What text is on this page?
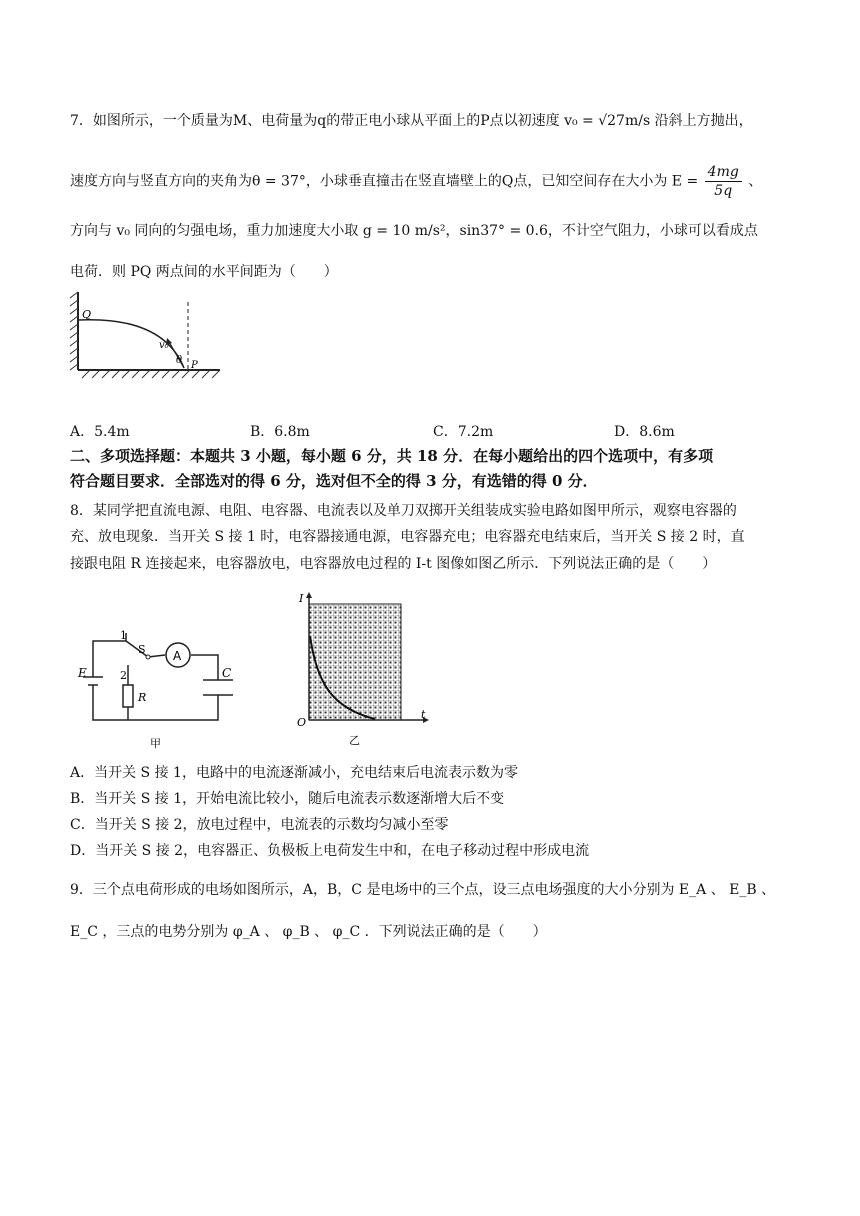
7．如图所示，一个质量为M、电荷量为q的带正电小球从平面上的P点以初速度 v₀ = √27m/s 沿斜上方抛出，
速度方向与竖直方向的夹角为θ = 37°，小球垂直撞击在竖直墙壁上的Q点，已知空间存在大小为 $E = \frac{4mg}{5q}$ 、
方向与 v₀ 同向的匀强电场，重力加速度大小取 g = 10 m/s²，sin37° = 0.6，不计空气阻力，小球可以看成点
电荷．则 PQ 两点间的水平间距为（　　）
Q
P
v₀
θ
A．5.4m	B．6.8m	C．7.2m	D．8.6m
二、多项选择题：本题共 3 小题，每小题 6 分，共 18 分．在每小题给出的四个选项中，有多项
符合题目要求．全部选对的得 6 分，选对但不全的得 3 分，有选错的得 0 分．
8．某同学把直流电源、电阻、电容器、电流表以及单刀双掷开关组装成实验电路如图甲所示，观察电容器的
充、放电现象．当开关 S 接 1 时，电容器接通电源，电容器充电；电容器充电结束后，当开关 S 接 2 时，直
接跟电阻 R 连接起来，电容器放电，电容器放电过程的 I-t 图像如图乙所示．下列说法正确的是（　　）
1
2
S A
C
E
R
甲
I
O
t
乙
A．当开关 S 接 1，电路中的电流逐渐减小，充电结束后电流表示数为零
B．当开关 S 接 1，开始电流比较小，随后电流表示数逐渐增大后不变
C．当开关 S 接 2，放电过程中，电流表的示数均匀减小至零
D．当开关 S 接 2，电容器正、负极板上电荷发生中和，在电子移动过程中形成电流
9．三个点电荷形成的电场如图所示，A，B，C 是电场中的三个点，设三点电场强度的大小分别为 E_A 、 E_B 、
E_C ，三点的电势分别为 φ_A 、 φ_B 、 φ_C ．下列说法正确的是（　　）
